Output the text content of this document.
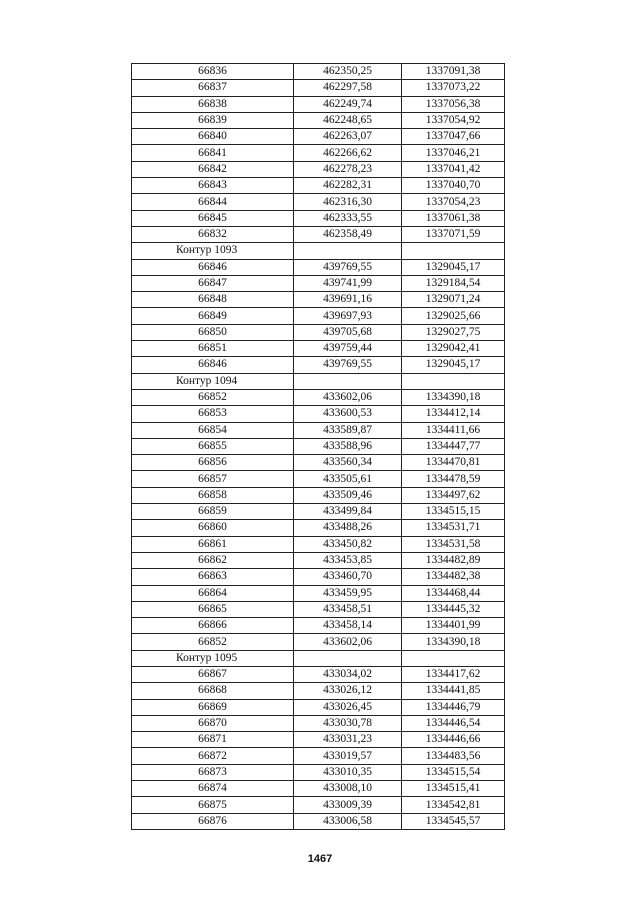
66836	462350,25	1337091,38
66837	462297,58	1337073,22
66838	462249,74	1337056,38
66839	462248,65	1337054,92
66840	462263,07	1337047,66
66841	462266,62	1337046,21
66842	462278,23	1337041,42
66843	462282,31	1337040,70
66844	462316,30	1337054,23
66845	462333,55	1337061,38
66832	462358,49	1337071,59
Контур 1093		
66846	439769,55	1329045,17
66847	439741,99	1329184,54
66848	439691,16	1329071,24
66849	439697,93	1329025,66
66850	439705,68	1329027,75
66851	439759,44	1329042,41
66846	439769,55	1329045,17
Контур 1094		
66852	433602,06	1334390,18
66853	433600,53	1334412,14
66854	433589,87	1334411,66
66855	433588,96	1334447,77
66856	433560,34	1334470,81
66857	433505,61	1334478,59
66858	433509,46	1334497,62
66859	433499,84	1334515,15
66860	433488,26	1334531,71
66861	433450,82	1334531,58
66862	433453,85	1334482,89
66863	433460,70	1334482,38
66864	433459,95	1334468,44
66865	433458,51	1334445,32
66866	433458,14	1334401,99
66852	433602,06	1334390,18
Контур 1095		
66867	433034,02	1334417,62
66868	433026,12	1334441,85
66869	433026,45	1334446,79
66870	433030,78	1334446,54
66871	433031,23	1334446,66
66872	433019,57	1334483,56
66873	433010,35	1334515,54
66874	433008,10	1334515,41
66875	433009,39	1334542,81
66876	433006,58	1334545,57
1467
